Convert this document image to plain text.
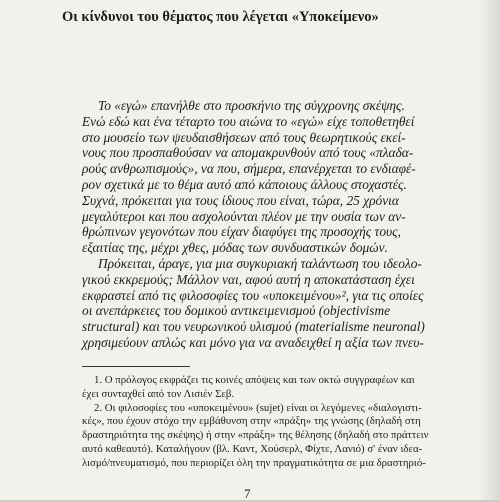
Οι κίνδυνοι του θέματος που λέγεται «Υποκείμενο»
Το «εγώ» επανήλθε στο προσκήνιο της σύγχρονης σκέψης.
Ενώ εδώ και ένα τέταρτο του αιώνα το «εγώ» είχε τοποθετηθεί
στο μουσείο των ψευδαισθήσεων από τους θεωρητικούς εκεί-
νους που προσπαθούσαν να απομακρυνθούν από τους «πλαδα-
ρούς ανθρωπισμούς», να που, σήμερα, επανέρχεται το ενδιαφέ-
ρον σχετικά με το θέμα αυτό από κάποιους άλλους στοχαστές.
Συχνά, πρόκειται για τους ίδιους που είναι, τώρα, 25 χρόνια
μεγαλύτεροι και που ασχολούνται πλέον με την ουσία των αν-
θρώπινων γεγονότων που είχαν διαφύγει της προσοχής τους,
εξαιτίας της, μέχρι χθες, μόδας των συνδυαστικών δομών.
Πρόκειται, άραγε, για μια συγκυριακή ταλάντωση του ιδεολο-
γικού εκκρεμούς; Μάλλον ναι, αφού αυτή η αποκατάσταση έχει
εκφραστεί από τις φιλοσοφίες του «υποκειμένου»², για τις οποίες
οι ανεπάρκειες του δομικού αντικειμενισμού (objectivisme
structural) και του νευρωνικού υλισμού (materialisme neuronal)
χρησιμεύουν απλώς και μόνο για να αναδειχθεί η αξία των πνευ-
1. Ο πρόλογος εκφράζει τις κοινές απόψεις και των οκτώ συγγραφέων και
έχει συνταχθεί από τον Λισιέν Σεβ.
2. Οι φιλοσοφίες του «υποκειμένου» (sujet) είναι οι λεγόμενες «διαλογιστι-
κές», που έχουν στόχο την εμβάθυνση στην «πράξη» της γνώσης (δηλαδή στη
δραστηριότητα της σκέψης) ή στην «πράξη» της θέλησης (δηλαδή στο πράττειν
αυτό καθεαυτό). Καταλήγουν (βλ. Καντ, Χούσερλ, Φίχτε, Λανιό) σ' έναν ιδεα-
λισμό/πνευματισμό, που περιορίζει όλη την πραγματικότητα σε μια δραστηριό-
7
